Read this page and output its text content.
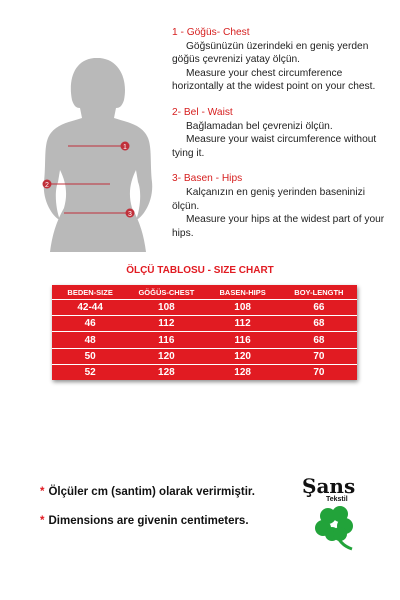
1
2
3
1 - Göğüs- Chest
Göğsünüzün üzerindeki en geniş yerden göğüs çevrenizi yatay ölçün.
Measure your chest circumference horizontally at the widest point on your chest.
2- Bel - Waist
Bağlamadan bel çevrenizi ölçün.
Measure your waist circumference without tying it.
3- Basen - Hips
Kalçanızın en geniş yerinden baseninizi ölçün.
Measure your hips at the widest part of your hips.
ÖLÇÜ TABLOSU - SIZE CHART
BEDEN-SIZE	GÖĞÜS-CHEST	BASEN-HIPS	BOY-LENGTH
42-44	108	108	66
46	112	112	68
48	116	116	68
50	120	120	70
52	128	128	70
* Ölçüler cm (santim) olarak verirmiştir.
* Dimensions are givenin centimeters.
Şans
Tekstil
